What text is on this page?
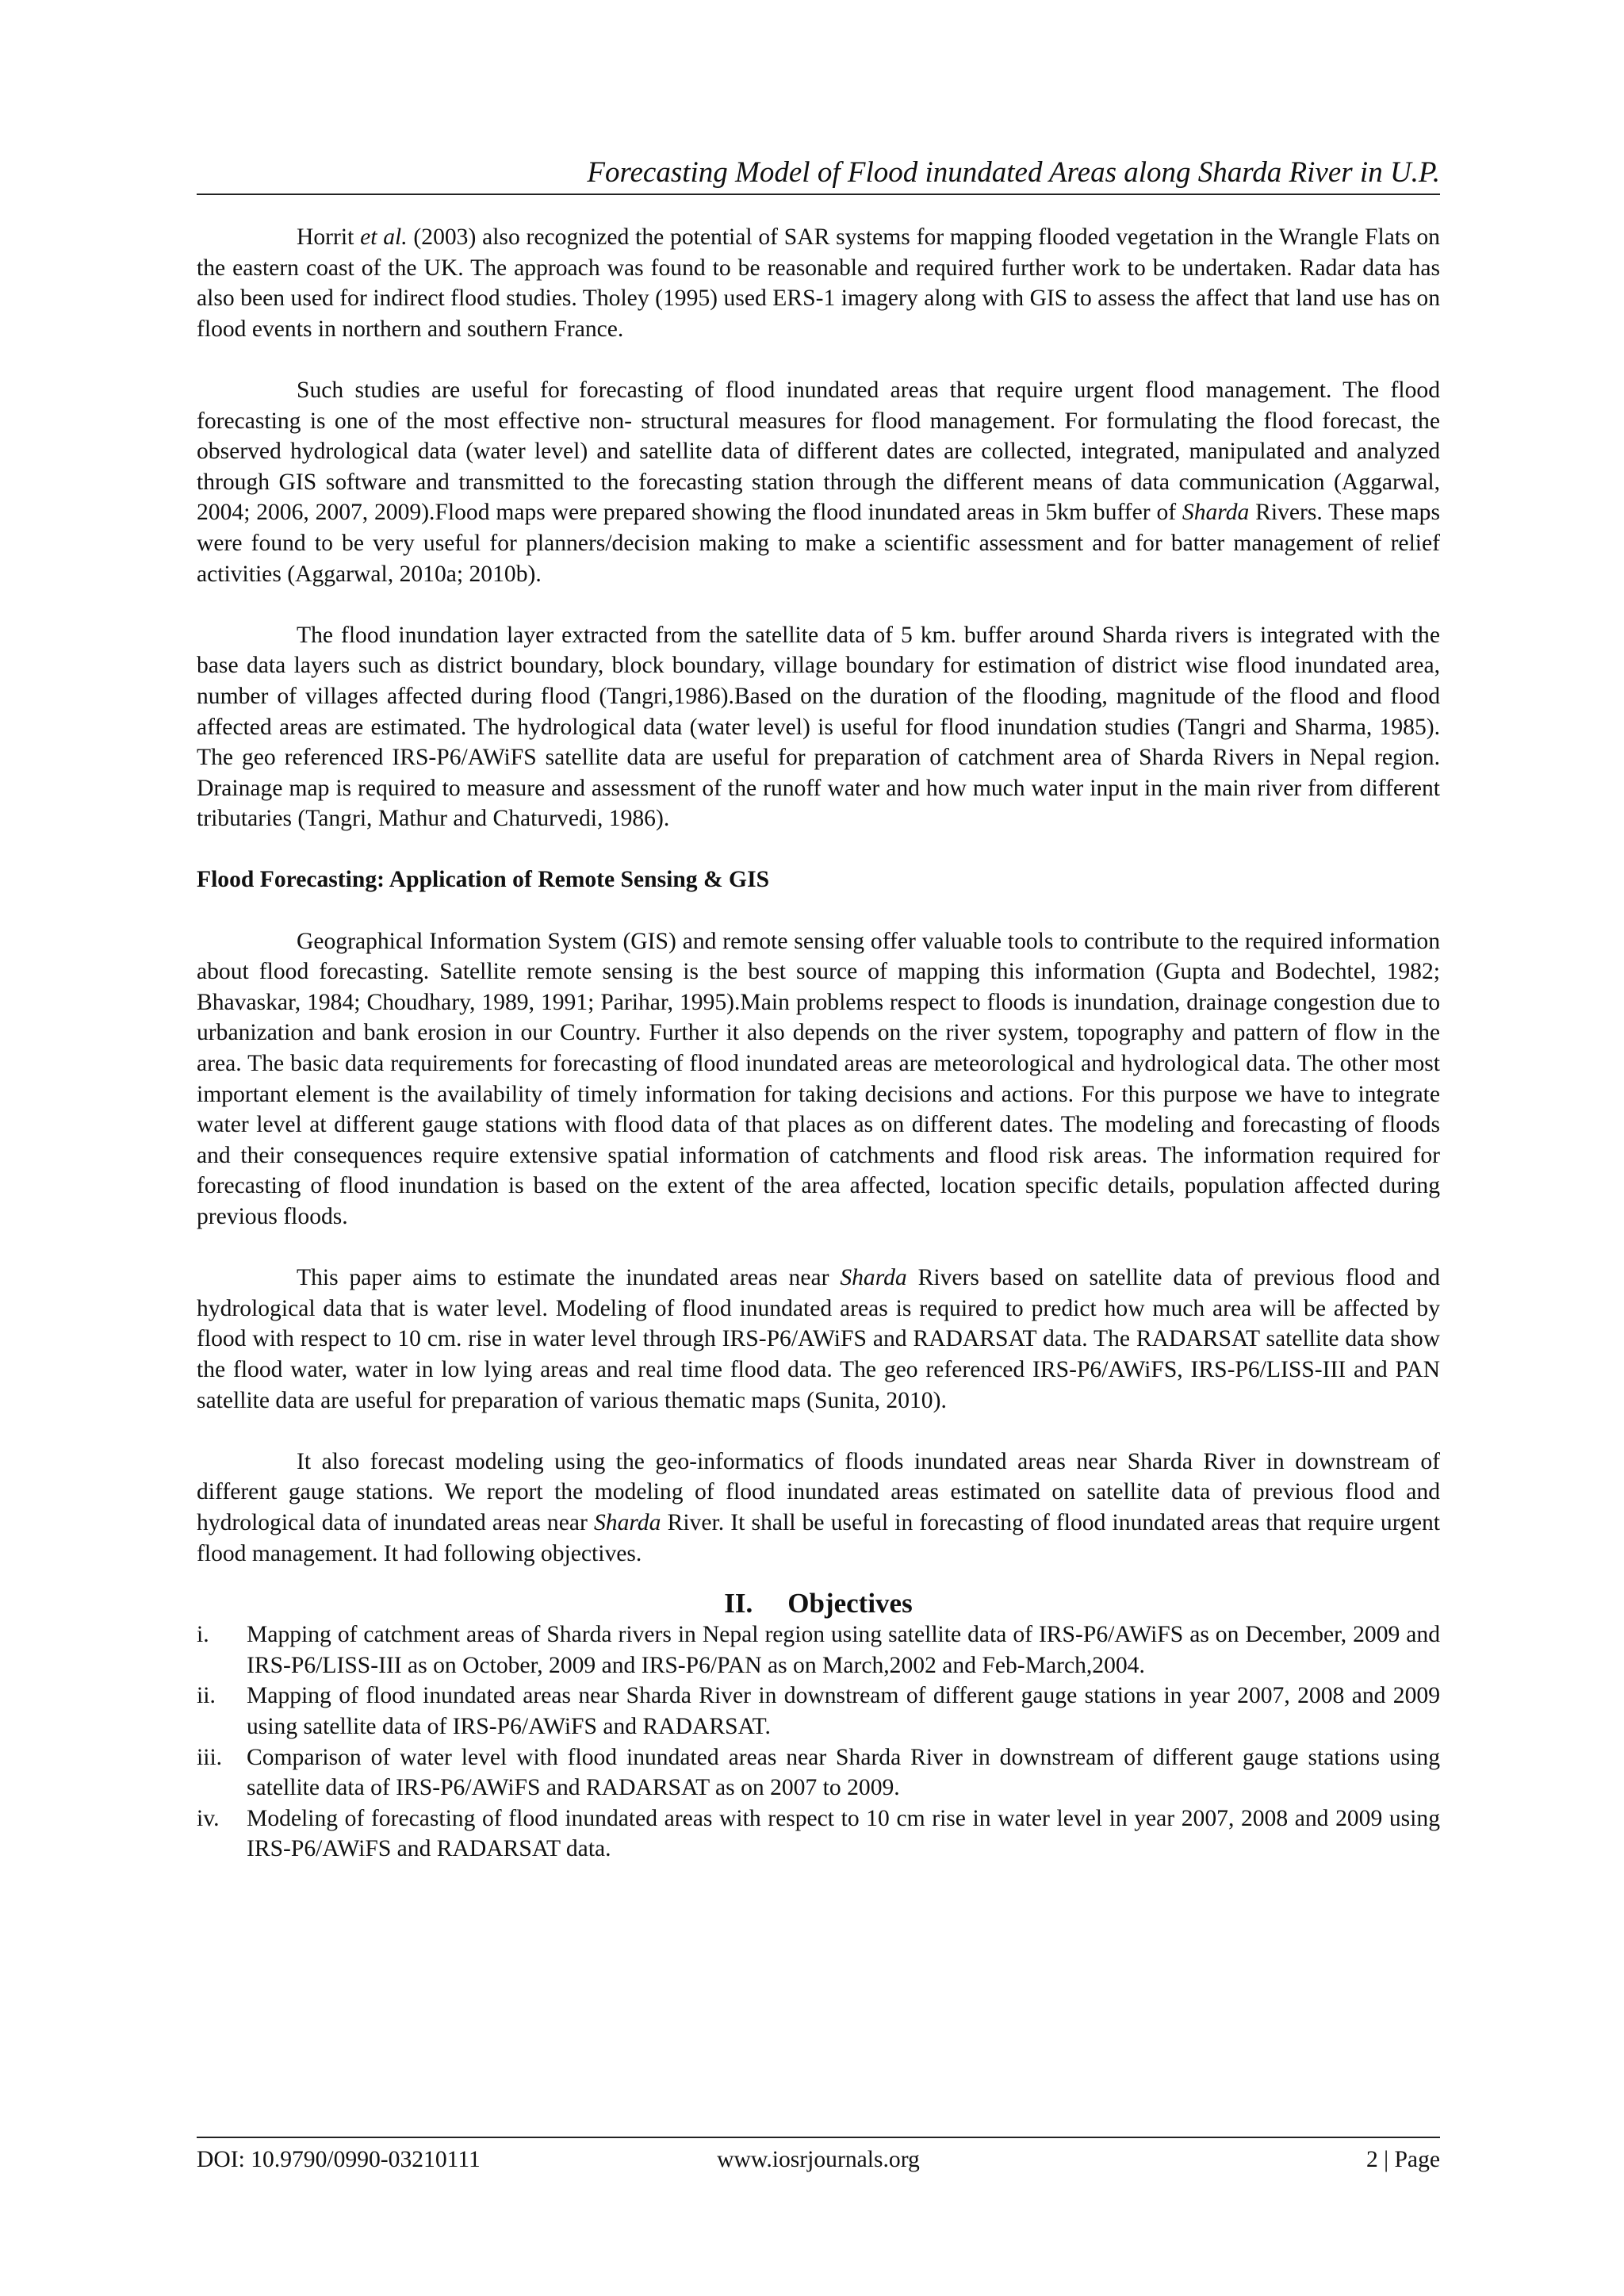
Forecasting Model of Flood inundated Areas along Sharda River in U.P.

Horrit et al. (2003) also recognized the potential of SAR systems for mapping flooded vegetation in the Wrangle Flats on the eastern coast of the UK. The approach was found to be reasonable and required further work to be undertaken. Radar data has also been used for indirect flood studies. Tholey (1995) used ERS-1 imagery along with GIS to assess the affect that land use has on flood events in northern and southern France.

Such studies are useful for forecasting of flood inundated areas that require urgent flood management. The flood forecasting is one of the most effective non- structural measures for flood management. For formulating the flood forecast, the observed hydrological data (water level) and satellite data of different dates are collected, integrated, manipulated and analyzed through GIS software and transmitted to the forecasting station through the different means of data communication (Aggarwal, 2004; 2006, 2007, 2009).Flood maps were prepared showing the flood inundated areas in 5km buffer of Sharda Rivers. These maps were found to be very useful for planners/decision making to make a scientific assessment and for batter management of relief activities (Aggarwal, 2010a; 2010b).

The flood inundation layer extracted from the satellite data of 5 km. buffer around Sharda rivers is integrated with the base data layers such as district boundary, block boundary, village boundary for estimation of district wise flood inundated area, number of villages affected during flood (Tangri,1986).Based on the duration of the flooding, magnitude of the flood and flood affected areas are estimated. The hydrological data (water level) is useful for flood inundation studies (Tangri and Sharma, 1985). The geo referenced IRS-P6/AWiFS satellite data are useful for preparation of catchment area of Sharda Rivers in Nepal region. Drainage map is required to measure and assessment of the runoff water and how much water input in the main river from different tributaries (Tangri, Mathur and Chaturvedi, 1986).

Flood Forecasting: Application of Remote Sensing & GIS

Geographical Information System (GIS) and remote sensing offer valuable tools to contribute to the required information about flood forecasting. Satellite remote sensing is the best source of mapping this information (Gupta and Bodechtel, 1982; Bhavaskar, 1984; Choudhary, 1989, 1991; Parihar, 1995).Main problems respect to floods is inundation, drainage congestion due to urbanization and bank erosion in our Country. Further it also depends on the river system, topography and pattern of flow in the area. The basic data requirements for forecasting of flood inundated areas are meteorological and hydrological data. The other most important element is the availability of timely information for taking decisions and actions. For this purpose we have to integrate water level at different gauge stations with flood data of that places as on different dates. The modeling and forecasting of floods and their consequences require extensive spatial information of catchments and flood risk areas. The information required for forecasting of flood inundation is based on the extent of the area affected, location specific details, population affected during previous floods.

This paper aims to estimate the inundated areas near Sharda Rivers based on satellite data of previous flood and hydrological data that is water level. Modeling of flood inundated areas is required to predict how much area will be affected by flood with respect to 10 cm. rise in water level through IRS-P6/AWiFS and RADARSAT data. The RADARSAT satellite data show the flood water, water in low lying areas and real time flood data. The geo referenced IRS-P6/AWiFS, IRS-P6/LISS-III and PAN satellite data are useful for preparation of various thematic maps (Sunita, 2010).

It also forecast modeling using the geo-informatics of floods inundated areas near Sharda River in downstream of different gauge stations. We report the modeling of flood inundated areas estimated on satellite data of previous flood and hydrological data of inundated areas near Sharda River. It shall be useful in forecasting of flood inundated areas that require urgent flood management. It had following objectives.

II. Objectives
i. Mapping of catchment areas of Sharda rivers in Nepal region using satellite data of IRS-P6/AWiFS as on December, 2009 and IRS-P6/LISS-III as on October, 2009 and IRS-P6/PAN as on March,2002 and Feb-March,2004.
ii. Mapping of flood inundated areas near Sharda River in downstream of different gauge stations in year 2007, 2008 and 2009 using satellite data of IRS-P6/AWiFS and RADARSAT.
iii. Comparison of water level with flood inundated areas near Sharda River in downstream of different gauge stations using satellite data of IRS-P6/AWiFS and RADARSAT as on 2007 to 2009.
iv. Modeling of forecasting of flood inundated areas with respect to 10 cm rise in water level in year 2007, 2008 and 2009 using IRS-P6/AWiFS and RADARSAT data.
DOI: 10.9790/0990-03210111	www.iosrjournals.org	2 | Page
